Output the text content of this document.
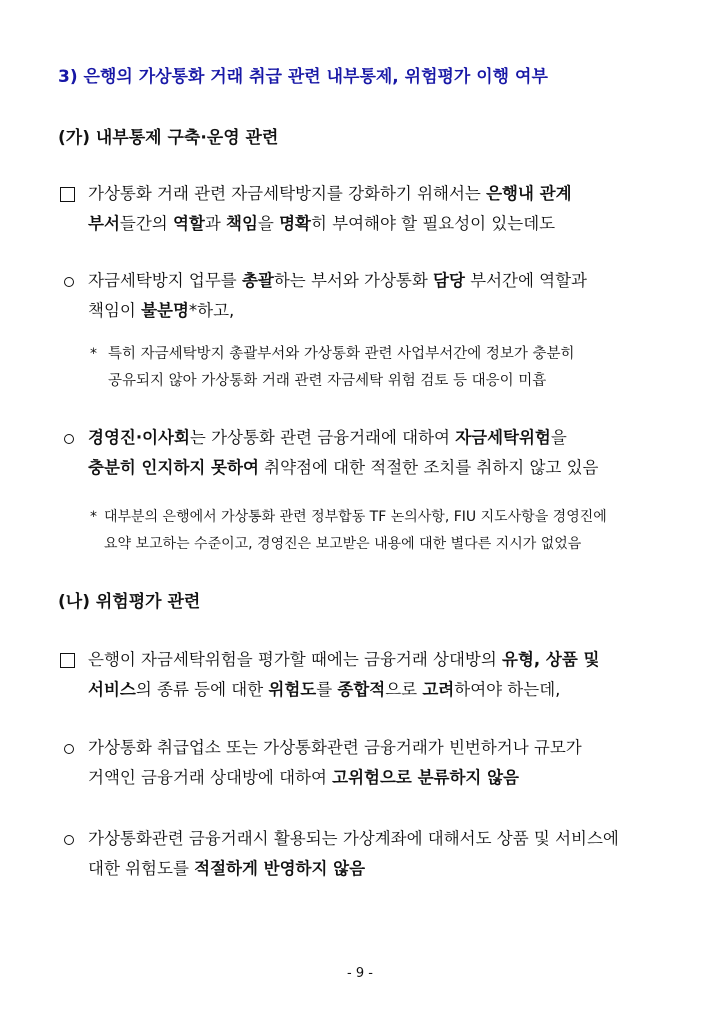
3) 은행의 가상통화 거래 취급 관련 내부통제, 위험평가 이행 여부
(가) 내부통제 구축·운영 관련
가상통화 거래 관련 자금세탁방지를 강화하기 위해서는 은행내 관계
부서들간의 역할과 책임을 명확히 부여해야 할 필요성이 있는데도
자금세탁방지 업무를 총괄하는 부서와 가상통화 담당 부서간에 역할과
책임이 불분명*하고,
* 특히 자금세탁방지 총괄부서와 가상통화 관련 사업부서간에 정보가 충분히
공유되지 않아 가상통화 거래 관련 자금세탁 위험 검토 등 대응이 미흡
경영진·이사회는 가상통화 관련 금융거래에 대하여 자금세탁위험을
충분히 인지하지 못하여 취약점에 대한 적절한 조치를 취하지 않고 있음
* 대부분의 은행에서 가상통화 관련 정부합동 TF 논의사항, FIU 지도사항을 경영진에
요약 보고하는 수준이고, 경영진은 보고받은 내용에 대한 별다른 지시가 없었음
(나) 위험평가 관련
은행이 자금세탁위험을 평가할 때에는 금융거래 상대방의 유형, 상품 및
서비스의 종류 등에 대한 위험도를 종합적으로 고려하여야 하는데,
가상통화 취급업소 또는 가상통화관련 금융거래가 빈번하거나 규모가
거액인 금융거래 상대방에 대하여 고위험으로 분류하지 않음
가상통화관련 금융거래시 활용되는 가상계좌에 대해서도 상품 및 서비스에
대한 위험도를 적절하게 반영하지 않음
- 9 -
